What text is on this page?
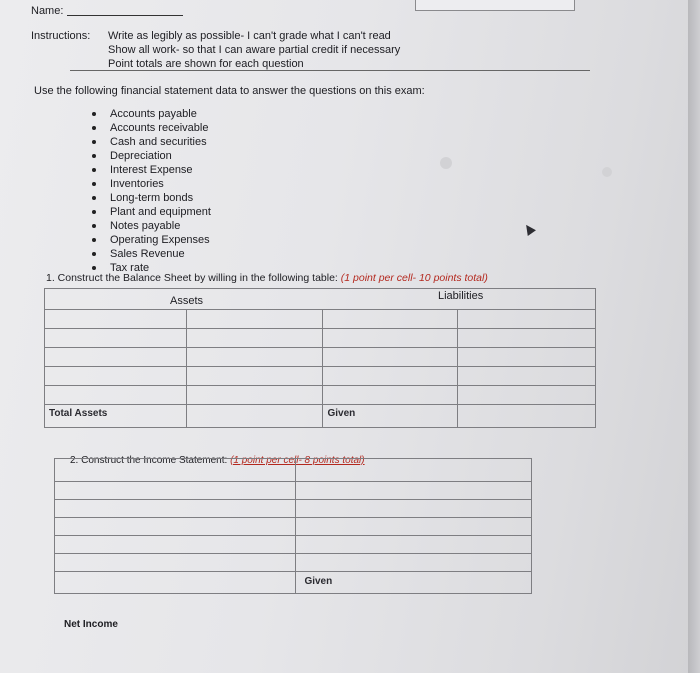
Name:
Instructions: Write as legibly as possible- I can't grade what I can't read
Show all work- so that I can aware partial credit if necessary
Point totals are shown for each question
Use the following financial statement data to answer the questions on this exam:
Accounts payable
Accounts receivable
Cash and securities
Depreciation
Interest Expense
Inventories
Long-term bonds
Plant and equipment
Notes payable
Operating Expenses
Sales Revenue
Tax rate
1. Construct the Balance Sheet by willing in the following table: (1 point per cell- 10 points total)
Assets	Liabilities

Total Assets		Given	

2. Construct the Income Statement: (1 point per cell- 8 points total)

	Given
Net Income
